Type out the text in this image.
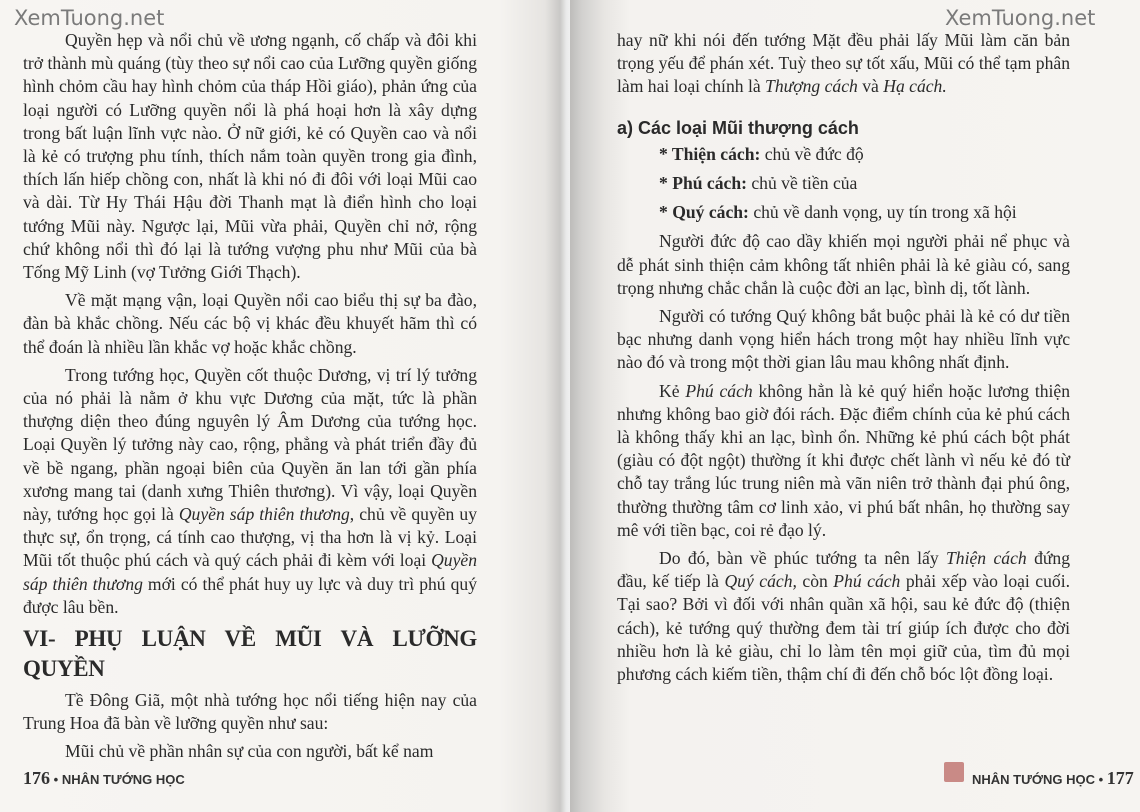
XemTuong.net

Quyền hẹp và nổi chủ về ương ngạnh, cố chấp và đôi khi trở thành mù quáng (tùy theo sự nổi cao của Lưỡng quyền giống hình chỏm cầu hay hình chỏm của tháp Hồi giáo), phản ứng của loại người có Lưỡng quyền nổi là phá hoại hơn là xây dựng trong bất luận lĩnh vực nào. Ở nữ giới, kẻ có Quyền cao và nổi là kẻ có trượng phu tính, thích nắm toàn quyền trong gia đình, thích lấn hiếp chồng con, nhất là khi nó đi đôi với loại Mũi cao và dài. Từ Hy Thái Hậu đời Thanh mạt là điển hình cho loại tướng Mũi này. Ngược lại, Mũi vừa phải, Quyền chỉ nở, rộng chứ không nổi thì đó lại là tướng vượng phu như Mũi của bà Tống Mỹ Linh (vợ Tưởng Giới Thạch).

Về mặt mạng vận, loại Quyền nổi cao biểu thị sự ba đào, đàn bà khắc chồng. Nếu các bộ vị khác đều khuyết hãm thì có thể đoán là nhiều lần khắc vợ hoặc khắc chồng.

Trong tướng học, Quyền cốt thuộc Dương, vị trí lý tưởng của nó phải là nằm ở khu vực Dương của mặt, tức là phần thượng diện theo đúng nguyên lý Âm Dương của tướng học. Loại Quyền lý tưởng này cao, rộng, phẳng và phát triển đầy đủ về bề ngang, phần ngoại biên của Quyền ăn lan tới gần phía xương mang tai (danh xưng Thiên thương). Vì vậy, loại Quyền này, tướng học gọi là Quyền sáp thiên thương, chủ về quyền uy thực sự, ổn trọng, cá tính cao thượng, vị tha hơn là vị kỷ. Loại Mũi tốt thuộc phú cách và quý cách phải đi kèm với loại Quyền sáp thiên thương mới có thể phát huy uy lực và duy trì phú quý được lâu bền.

VI- PHỤ LUẬN VỀ MŨI VÀ LƯỠNG QUYỀN

Tề Đông Giã, một nhà tướng học nổi tiếng hiện nay của Trung Hoa đã bàn về lưỡng quyền như sau:

Mũi chủ về phần nhân sự của con người, bất kể nam

176 • NHÂN TƯỚNG HỌC
XemTuong.net

hay nữ khi nói đến tướng Mặt đều phải lấy Mũi làm căn bản trọng yếu để phán xét. Tuỳ theo sự tốt xấu, Mũi có thể tạm phân làm hai loại chính là Thượng cách và Hạ cách.

a) Các loại Mũi thượng cách
* Thiện cách: chủ về đức độ
* Phú cách: chủ về tiền của
* Quý cách: chủ về danh vọng, uy tín trong xã hội

Người đức độ cao dầy khiến mọi người phải nể phục và dễ phát sinh thiện cảm không tất nhiên phải là kẻ giàu có, sang trọng nhưng chắc chắn là cuộc đời an lạc, bình dị, tốt lành.

Người có tướng Quý không bắt buộc phải là kẻ có dư tiền bạc nhưng danh vọng hiển hách trong một hay nhiều lĩnh vực nào đó và trong một thời gian lâu mau không nhất định.

Kẻ Phú cách không hẳn là kẻ quý hiển hoặc lương thiện nhưng không bao giờ đói rách. Đặc điểm chính của kẻ phú cách là không thấy khi an lạc, bình ổn. Những kẻ phú cách bột phát (giàu có đột ngột) thường ít khi được chết lành vì nếu kẻ đó từ chỗ tay trắng lúc trung niên mà vãn niên trở thành đại phú ông, thường thường tâm cơ linh xảo, vi phú bất nhân, họ thường say mê với tiền bạc, coi rẻ đạo lý.

Do đó, bàn về phúc tướng ta nên lấy Thiện cách đứng đầu, kế tiếp là Quý cách, còn Phú cách phải xếp vào loại cuối. Tại sao? Bởi vì đối với nhân quần xã hội, sau kẻ đức độ (thiện cách), kẻ tướng quý thường đem tài trí giúp ích được cho đời nhiều hơn là kẻ giàu, chỉ lo làm tên mọi giữ của, tìm đủ mọi phương cách kiếm tiền, thậm chí đi đến chỗ bóc lột đồng loại.

NHÂN TƯỚNG HỌC • 177
